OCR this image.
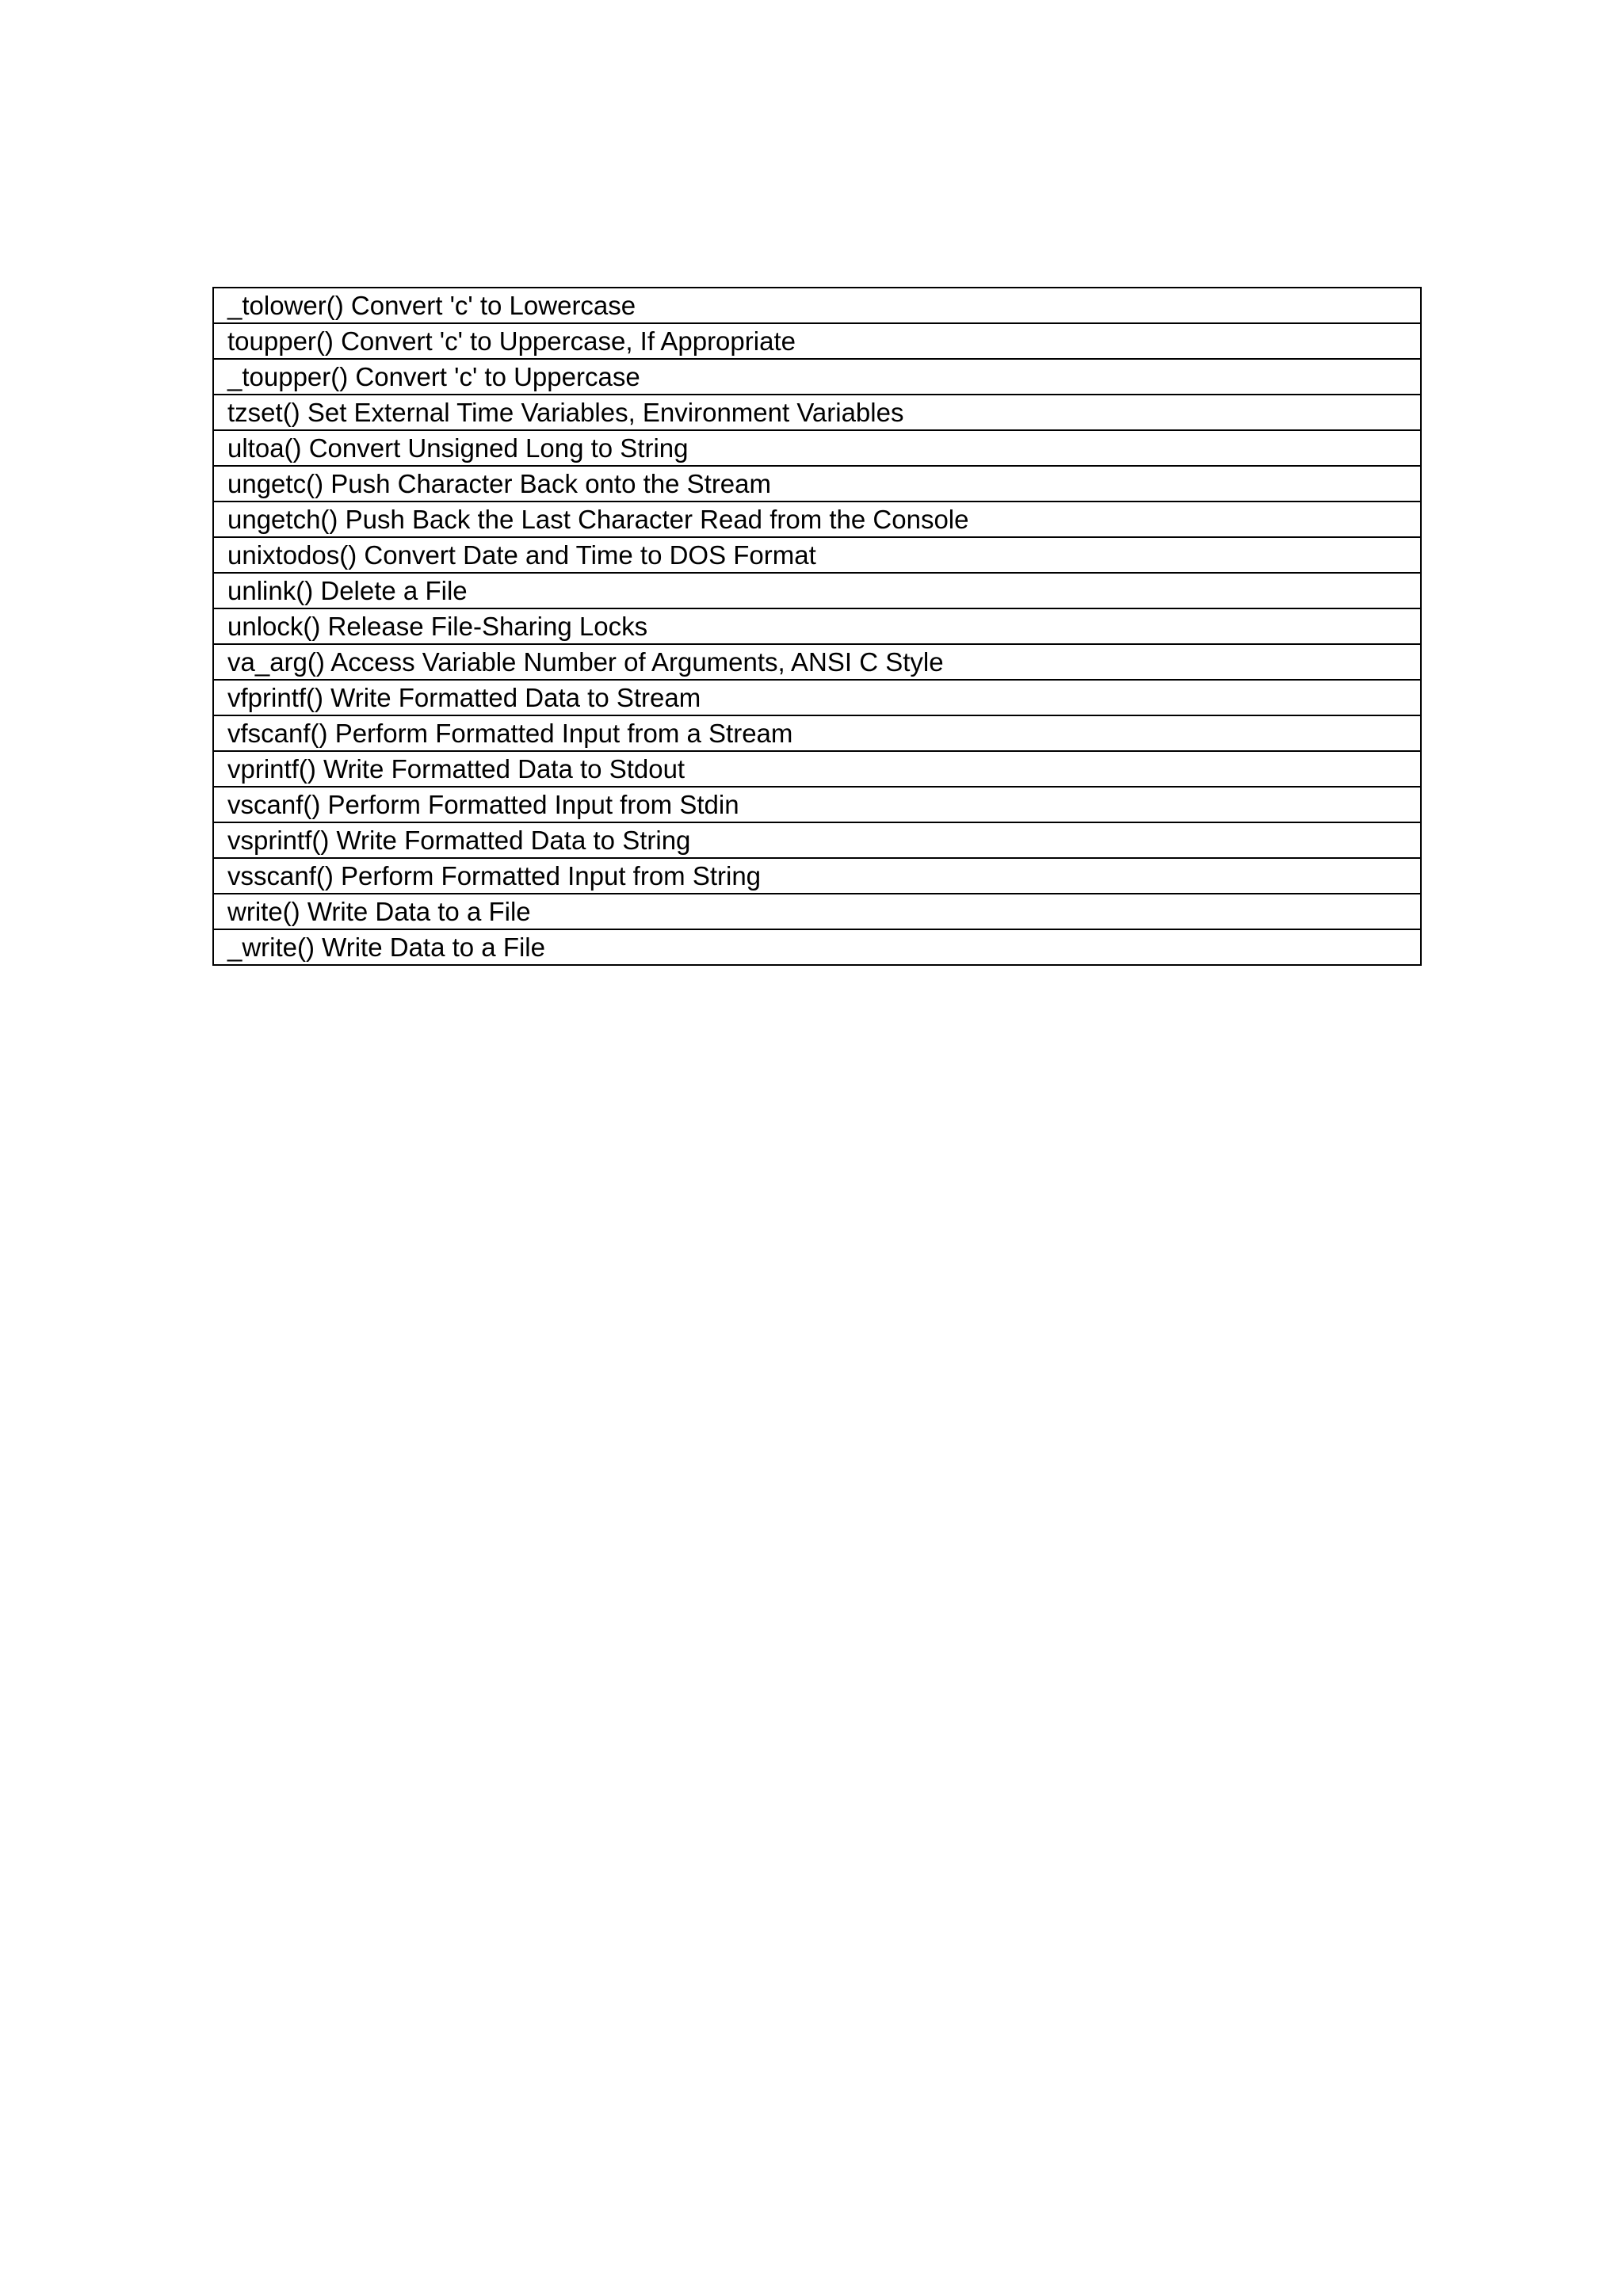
_tolower() Convert 'c' to Lowercase
toupper() Convert 'c' to Uppercase, If Appropriate
_toupper() Convert 'c' to Uppercase
tzset() Set External Time Variables, Environment Variables
ultoa() Convert Unsigned Long to String
ungetc() Push Character Back onto the Stream
ungetch() Push Back the Last Character Read from the Console
unixtodos() Convert Date and Time to DOS Format
unlink() Delete a File
unlock() Release File-Sharing Locks
va_arg() Access Variable Number of Arguments, ANSI C Style
vfprintf() Write Formatted Data to Stream
vfscanf() Perform Formatted Input from a Stream
vprintf() Write Formatted Data to Stdout
vscanf() Perform Formatted Input from Stdin
vsprintf() Write Formatted Data to String
vsscanf() Perform Formatted Input from String
write() Write Data to a File
_write() Write Data to a File
